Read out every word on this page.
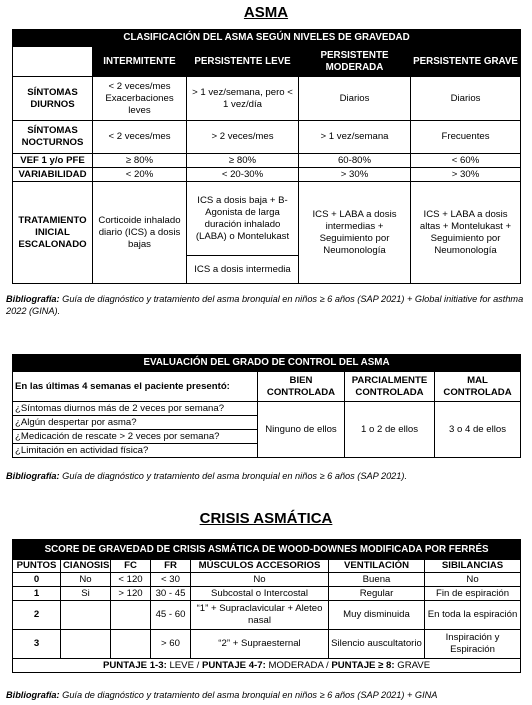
ASMA
CLASIFICACIÓN DEL ASMA SEGÚN NIVELES DE GRAVEDAD				
	INTERMITENTE	PERSISTENTE LEVE	PERSISTENTE MODERADA	PERSISTENTE GRAVE
SÍNTOMAS DIURNOS	< 2 veces/mes Exacerbaciones leves	> 1 vez/semana, pero < 1 vez/día	Diarios	Diarios
SÍNTOMAS NOCTURNOS	< 2 veces/mes	> 2 veces/mes	> 1 vez/semana	Frecuentes
VEF 1 y/o PFE	≥ 80%	≥ 80%	60-80%	< 60%
VARIABILIDAD	< 20%	< 20-30%	> 30%	> 30%
TRATAMIENTO INICIAL ESCALONADO	Corticoide inhalado diario (ICS) a dosis bajas	ICS a dosis baja + B-Agonista de larga duración inhalado (LABA) o Montelukast	ICS + LABA a dosis intermedias + Seguimiento por Neumonología	ICS + LABA a dosis altas + Montelukast + Seguimiento por Neumonología
		ICS a dosis intermedia		
Bibliografía: Guía de diagnóstico y tratamiento del asma bronquial en niños ≥ 6 años (SAP 2021) + Global initiative for asthma 2022 (GINA).
EVALUACIÓN DEL GRADO DE CONTROL DEL ASMA			
En las últimas 4 semanas el paciente presentó:	BIEN CONTROLADA	PARCIALMENTE CONTROLADA	MAL CONTROLADA
¿Síntomas diurnos más de 2 veces por semana?	Ninguno de ellos	1 o 2 de ellos	3 o 4 de ellos
¿Algún despertar por asma?			
¿Medicación de rescate > 2 veces por semana?			
¿Limitación en actividad física?			
Bibliografía: Guía de diagnóstico y tratamiento del asma bronquial en niños ≥ 6 años (SAP 2021).
CRISIS ASMÁTICA
SCORE DE GRAVEDAD DE CRISIS ASMÁTICA DE WOOD-DOWNES MODIFICADA POR FERRÉS						
PUNTOS	CIANOSIS	FC	FR	MÚSCULOS ACCESORIOS	VENTILACIÓN	SIBILANCIAS
0	No	< 120	< 30	No	Buena	No
1	Si	> 120	30 - 45	Subcostal o Intercostal	Regular	Fin de espiración
2			45 - 60	“1” + Supraclavicular + Aleteo nasal	Muy disminuida	En toda la espiración
3			> 60	“2” + Supraesternal	Silencio auscultatorio	Inspiración y Espiración
PUNTAJE 1-3: LEVE / PUNTAJE 4-7: MODERADA / PUNTAJE ≥ 8: GRAVE						
Bibliografía: Guía de diagnóstico y tratamiento del asma bronquial en niños ≥ 6 años (SAP 2021) + GINA
